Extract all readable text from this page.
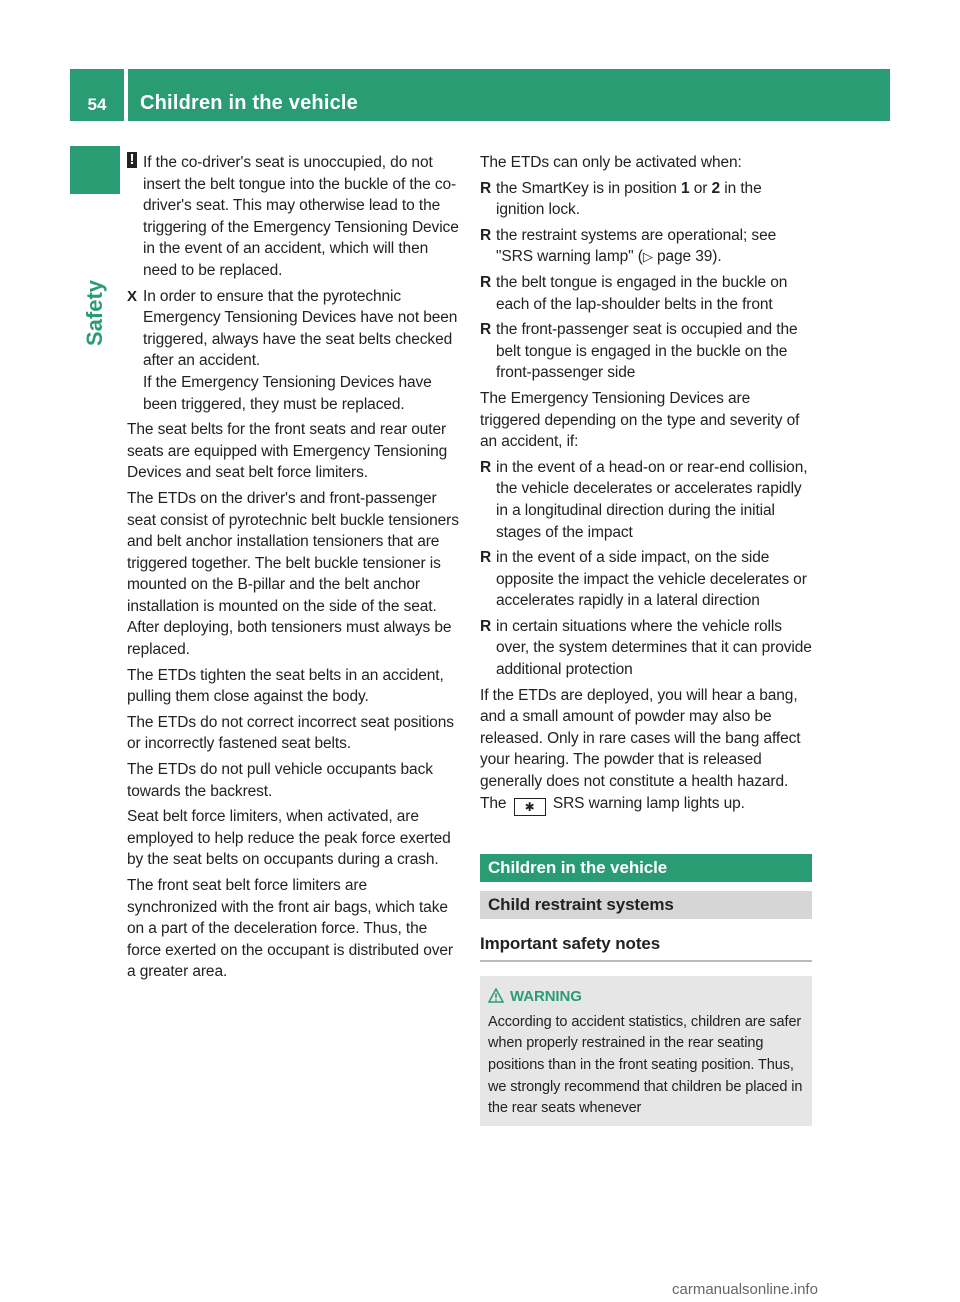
54	Children in the vehicle
Safety
! If the co-driver's seat is unoccupied, do not insert the belt tongue into the buckle of the co-driver's seat. This may otherwise lead to the triggering of the Emergency Tensioning Device in the event of an accident, which will then need to be replaced.
X In order to ensure that the pyrotechnic Emergency Tensioning Devices have not been triggered, always have the seat belts checked after an accident.
If the Emergency Tensioning Devices have been triggered, they must be replaced.

The seat belts for the front seats and rear outer seats are equipped with Emergency Tensioning Devices and seat belt force limiters.

The ETDs on the driver's and front-passenger seat consist of pyrotechnic belt buckle tensioners and belt anchor installation tensioners that are triggered together. The belt buckle tensioner is mounted on the B-pillar and the belt anchor installation is mounted on the side of the seat. After deploying, both tensioners must always be replaced.

The ETDs tighten the seat belts in an accident, pulling them close against the body.

The ETDs do not correct incorrect seat positions or incorrectly fastened seat belts.

The ETDs do not pull vehicle occupants back towards the backrest.

Seat belt force limiters, when activated, are employed to help reduce the peak force exerted by the seat belts on occupants during a crash.

The front seat belt force limiters are synchronized with the front air bags, which take on a part of the deceleration force. Thus, the force exerted on the occupant is distributed over a greater area.

The ETDs can only be activated when:

R the SmartKey is in position 1 or 2 in the ignition lock.
R the restraint systems are operational; see "SRS warning lamp" (▷ page 39).
R the belt tongue is engaged in the buckle on each of the lap-shoulder belts in the front
R the front-passenger seat is occupied and the belt tongue is engaged in the buckle on the front-passenger side

The Emergency Tensioning Devices are triggered depending on the type and severity of an accident, if:

R in the event of a head-on or rear-end collision, the vehicle decelerates or accelerates rapidly in a longitudinal direction during the initial stages of the impact
R in the event of a side impact, on the side opposite the impact the vehicle decelerates or accelerates rapidly in a lateral direction
R in certain situations where the vehicle rolls over, the system determines that it can provide additional protection

If the ETDs are deployed, you will hear a bang, and a small amount of powder may also be released. Only in rare cases will the bang affect your hearing. The powder that is released generally does not constitute a health hazard. The ✱ SRS warning lamp lights up.

Children in the vehicle
Child restraint systems
Important safety notes
WARNING
According to accident statistics, children are safer when properly restrained in the rear seating positions than in the front seating position. Thus, we strongly recommend that children be placed in the rear seats whenever
carmanualsonline.info
